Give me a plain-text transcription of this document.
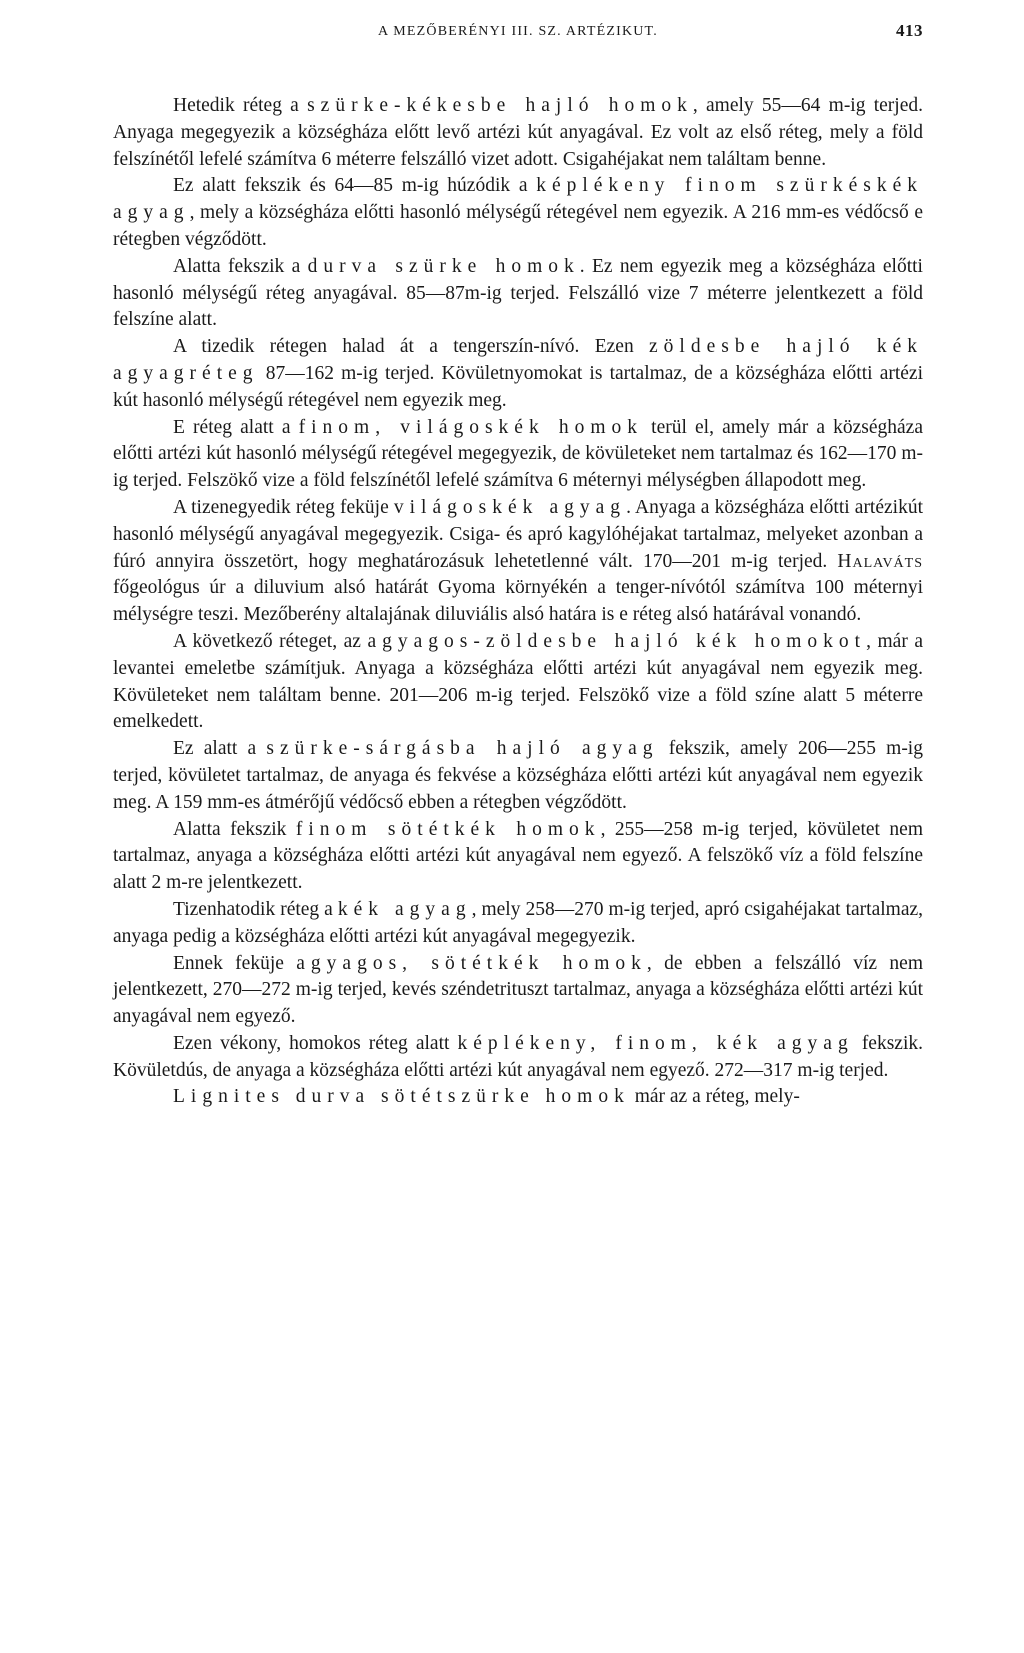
A MEZŐBERÉNYI III. SZ. ARTÉZIKUT.	413

Hetedik réteg a szürke-kékesbe hajló homok, amely 55—64 m-ig terjed. Anyaga megegyezik a községháza előtt levő artézi kút anyagával. Ez volt az első réteg, mely a föld felszínétől lefelé számítva 6 méterre felszálló vizet adott. Csigahéjakat nem találtam benne.

Ez alatt fekszik és 64—85 m-ig húzódik a képlékeny finom szürkéskék agyag, mely a községháza előtti hasonló mélységű rétegével nem egyezik. A 216 mm-es védőcső e rétegben végződött.

Alatta fekszik a durva szürke homok. Ez nem egyezik meg a községháza előtti hasonló mélységű réteg anyagával. 85—87m-ig terjed. Felszálló vize 7 méterre jelentkezett a föld felszíne alatt.

A tizedik rétegen halad át a tengerszín-nívó. Ezen zöldesbe hajló kék agyagréteg 87—162 m-ig terjed. Kövületnyomokat is tartalmaz, de a községháza előtti artézi kút hasonló mélységű rétegével nem egyezik meg.

E réteg alatt a finom, világoskék homok terül el, amely már a községháza előtti artézi kút hasonló mélységű rétegével megegyezik, de kövületeket nem tartalmaz és 162—170 m-ig terjed. Felszökő vize a föld felszínétől lefelé számítva 6 méternyi mélységben állapodott meg.

A tizenegyedik réteg feküje világoskék agyag. Anyaga a községháza előtti artézikút hasonló mélységű anyagával megegyezik. Csiga- és apró kagylóhéjakat tartalmaz, melyeket azonban a fúró annyira összetört, hogy meghatározásuk lehetetlenné vált. 170—201 m-ig terjed. Halaváts főgeológus úr a diluvium alsó határát Gyoma környékén a tenger-nívótól számítva 100 méternyi mélységre teszi. Mezőberény altalajának diluviális alsó határa is e réteg alsó határával vonandó.

A következő réteget, az agyagos-zöldesbe hajló kék homokot, már a levantei emeletbe számítjuk. Anyaga a községháza előtti artézi kút anyagával nem egyezik meg. Kövületeket nem találtam benne. 201—206 m-ig terjed. Felszökő vize a föld színe alatt 5 méterre emelkedett.

Ez alatt a szürke-sárgásba hajló agyag fekszik, amely 206—255 m-ig terjed, kövületet tartalmaz, de anyaga és fekvése a községháza előtti artézi kút anyagával nem egyezik meg. A 159 mm-es átmérőjű védőcső ebben a rétegben végződött.

Alatta fekszik finom sötétkék homok, 255—258 m-ig terjed, kövületet nem tartalmaz, anyaga a községháza előtti artézi kút anyagával nem egyező. A felszökő víz a föld felszíne alatt 2 m-re jelentkezett.

Tizenhatodik réteg a kék agyag, mely 258—270 m-ig terjed, apró csigahéjakat tartalmaz, anyaga pedig a községháza előtti artézi kút anyagával megegyezik.

Ennek feküje agyagos, sötétkék homok, de ebben a felszálló víz nem jelentkezett, 270—272 m-ig terjed, kevés széndetrituszt tartalmaz, anyaga a községháza előtti artézi kút anyagával nem egyező.

Ezen vékony, homokos réteg alatt képlékeny, finom, kék agyag fekszik. Kövületdús, de anyaga a községháza előtti artézi kút anyagával nem egyező. 272—317 m-ig terjed.

Lignites durva sötétszürke homok már az a réteg, mely-
